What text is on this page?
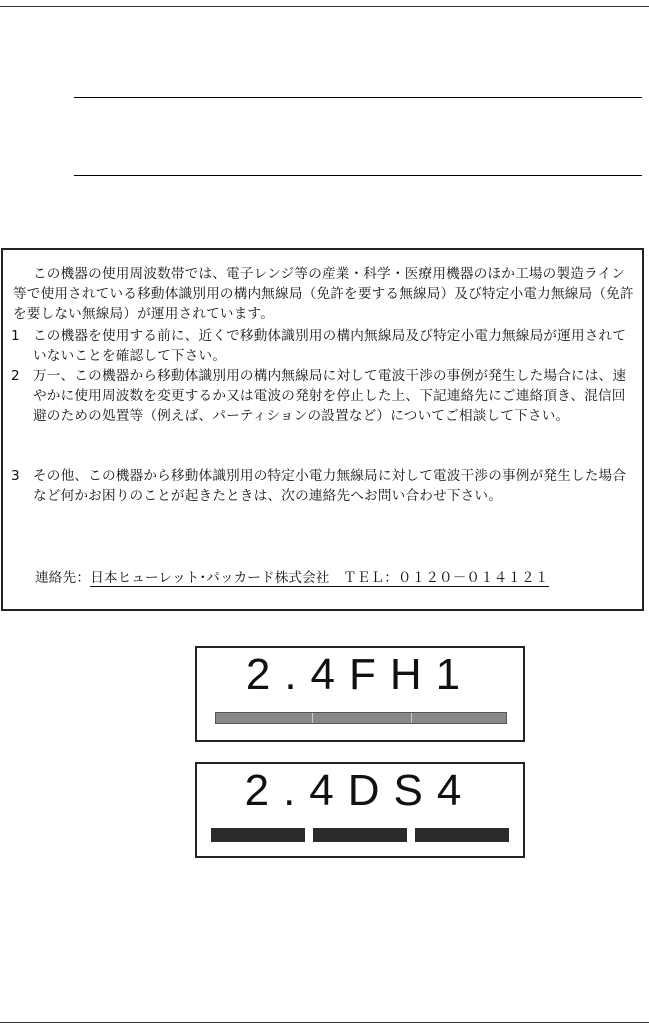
この機器の使用周波数帯では、電子レンジ等の産業・科学・医療用機器のほか工場の製造ライン等で使用されている移動体識別用の構内無線局（免許を要する無線局）及び特定小電力無線局（免許を要しない無線局）が運用されています。
1 この機器を使用する前に、近くで移動体識別用の構内無線局及び特定小電力無線局が運用されていないことを確認して下さい。
2 万一、この機器から移動体識別用の構内無線局に対して電波干渉の事例が発生した場合には、速やかに使用周波数を変更するか又は電波の発射を停止した上、下記連絡先にご連絡頂き、混信回避のための処置等（例えば、パーティションの設置など）についてご相談して下さい。
3 その他、この機器から移動体識別用の特定小電力無線局に対して電波干渉の事例が発生した場合など何かお困りのことが起きたときは、次の連絡先へお問い合わせ下さい。
連絡先：日本ヒューレット･パッカード株式会社　ＴＥＬ：０１２０－０１４１２１
2.4FH1
2.4DS4
